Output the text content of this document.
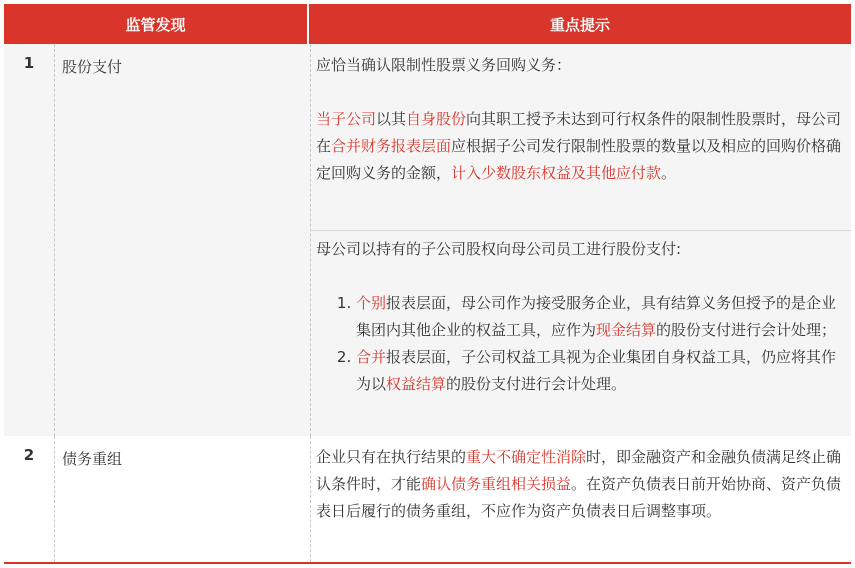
监管发现	重点提示
1	股份支付	应恰当确认限制性股票义务回购义务：

当子公司以其自身股份向其职工授予未达到可行权条件的限制性股票时，母公司在合并财务报表层面应根据子公司发行限制性股票的数量以及相应的回购价格确定回购义务的金额，计入少数股东权益及其他应付款。

母公司以持有的子公司股权向母公司员工进行股份支付:

1. 个别报表层面，母公司作为接受服务企业，具有结算义务但授予的是企业集团内其他企业的权益工具，应作为现金结算的股份支付进行会计处理；
2. 合并报表层面，子公司权益工具视为企业集团自身权益工具，仍应将其作为以权益结算的股份支付进行会计处理。
2	债务重组	企业只有在执行结果的重大不确定性消除时，即金融资产和金融负债满足终止确认条件时，才能确认债务重组相关损益。在资产负债表日前开始协商、资产负债表日后履行的债务重组，不应作为资产负债表日后调整事项。
